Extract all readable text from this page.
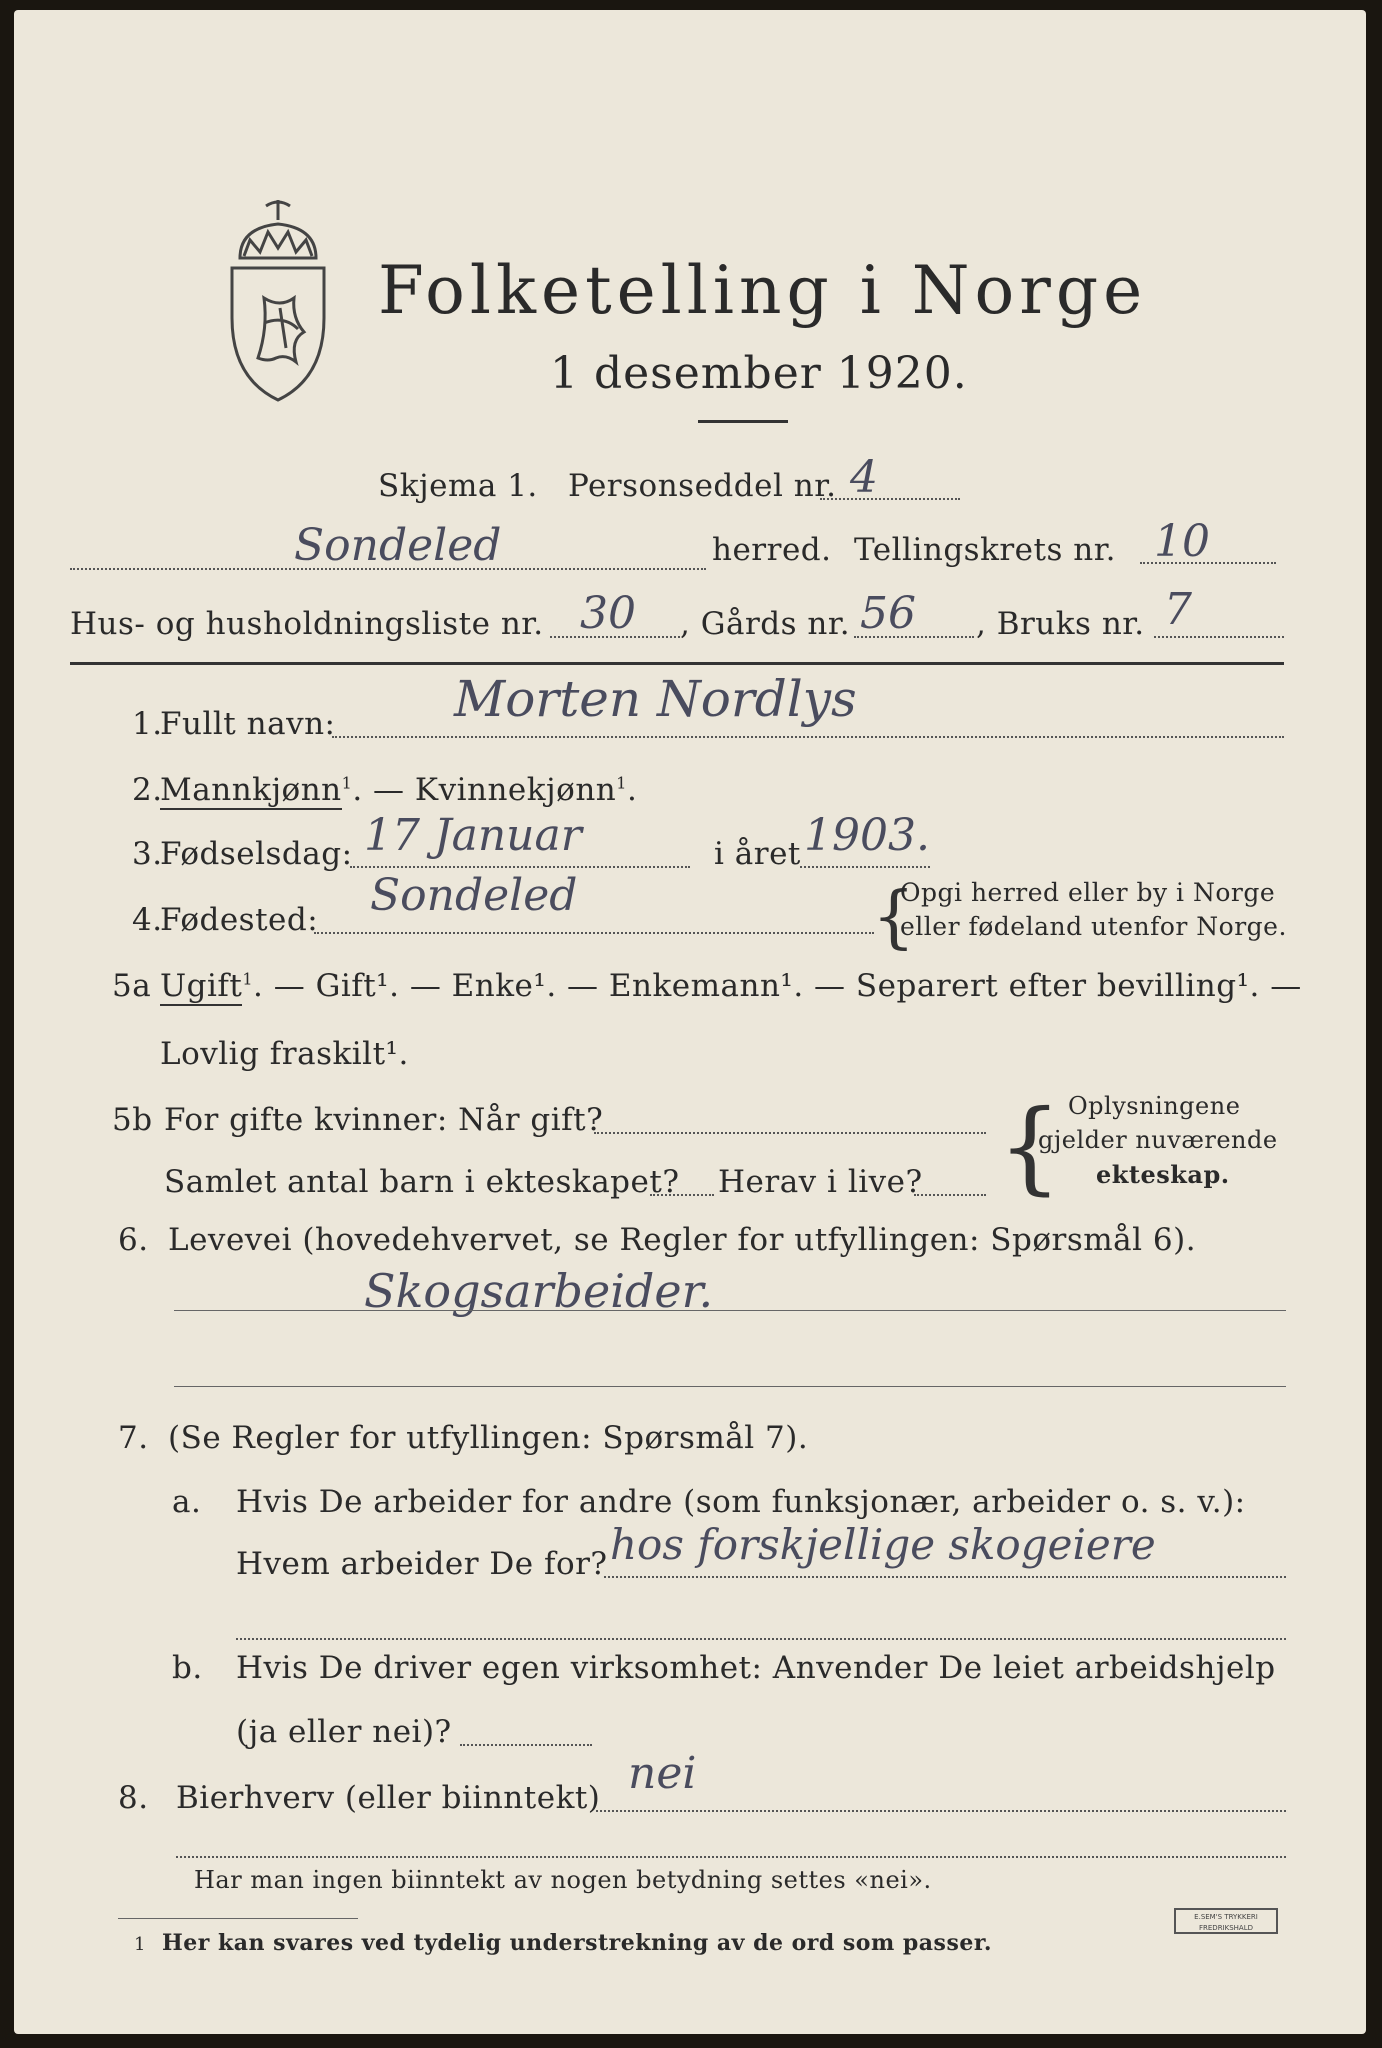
Folketelling i Norge
1 desember 1920.
Skjema 1. Personseddel nr. 4
Sondeled	herred. Tellingskrets nr. 10
Hus- og husholdningsliste nr. 30 , Gårds nr. 56 , Bruks nr. 7
1.
Fullt navn: Morten Nordlys
2.
Mannkjønn$^1$. — Kvinnekjønn$^1$.
3.
Fødselsdag: 17 Januar	i året 1903.
4.
Fødested: Sondeled	{
Opgi herred eller by i Norge
eller fødeland utenfor Norge.
5a Ugift$^1$. — Gift¹. — Enke¹. — Enkemann¹. — Separert efter bevilling¹. —
Lovlig fraskilt¹.
5b For gifte kvinner: Når gift?
Samlet antal barn i ekteskapet? Herav i live? { Oplysningene
gjelder nuværende
ekteskap.
6. Levevei (hovedehvervet, se Regler for utfyllingen: Spørsmål 6).
Skogsarbeider.
7. (Se Regler for utfyllingen: Spørsmål 7).
a. Hvis De arbeider for andre (som funksjonær, arbeider o. s. v.):
Hvem arbeider De for? hos forskjellige skogeiere
b. Hvis De driver egen virksomhet: Anvender De leiet arbeidshjelp
(ja eller nei)?
8. Bierhverv (eller biinntekt) nei
Har man ingen biinntekt av nogen betydning settes «nei».
1 Her kan svares ved tydelig understrekning av de ord som passer.
E.SEM'S TRYKKERI FREDRIKSHALD
